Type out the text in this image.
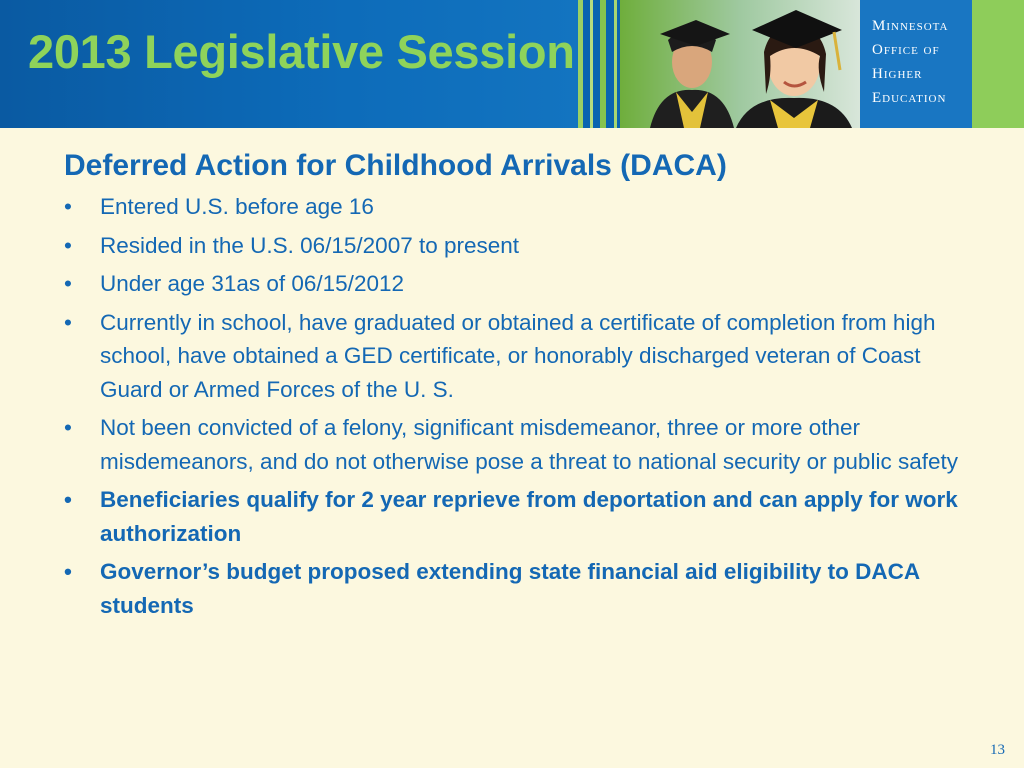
2013 Legislative Session	Minnesota
Office of
Higher
Education

Deferred Action for Childhood Arrivals (DACA)
• Entered U.S. before age 16
• Resided in the U.S. 06/15/2007 to present
• Under age 31as of 06/15/2012
• Currently in school, have graduated or obtained a certificate of completion from high school, have obtained a GED certificate, or honorably discharged veteran of Coast Guard or Armed Forces of the U. S.
• Not been convicted of a felony, significant misdemeanor, three or more other misdemeanors, and do not otherwise pose a threat to national security or public safety
• Beneficiaries qualify for 2 year reprieve from deportation and can apply for work authorization
• Governor’s budget proposed extending state financial aid eligibility to DACA students
13
